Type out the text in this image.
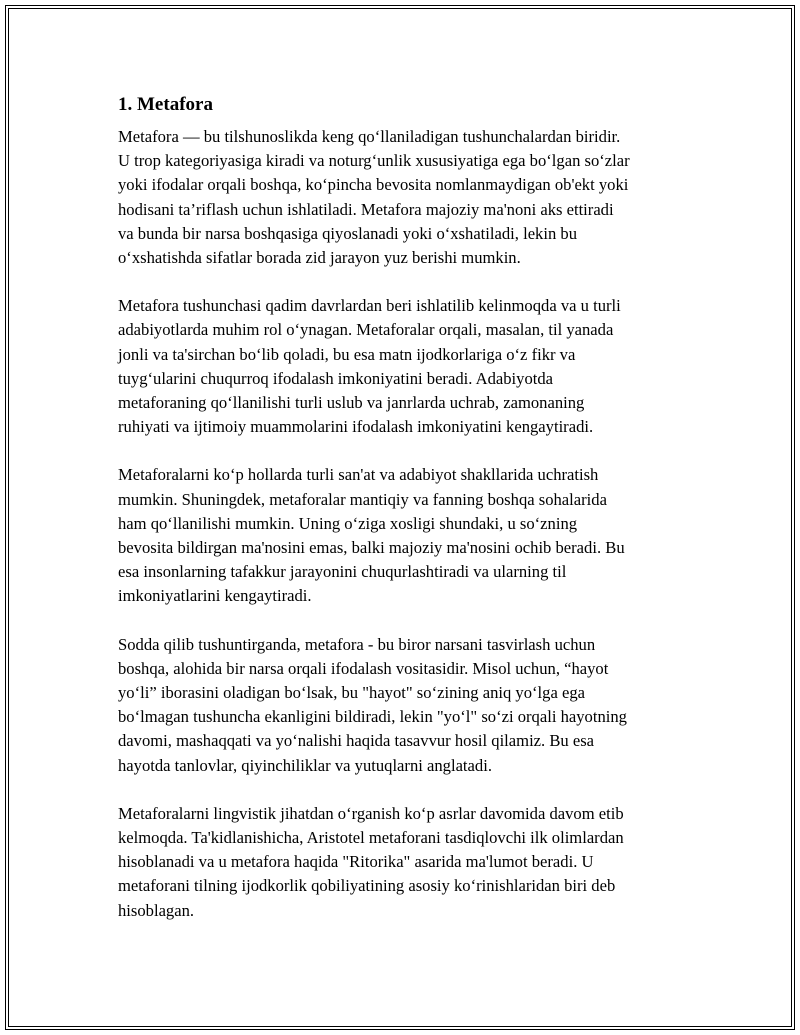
1. Metafora

Metafora — bu tilshunoslikda keng qo‘llaniladigan tushunchalardan biridir.
U trop kategoriyasiga kiradi va noturg‘unlik xususiyatiga ega bo‘lgan so‘zlar
yoki ifodalar orqali boshqa, ko‘pincha bevosita nomlanmaydigan ob'ekt yoki
hodisani ta’riflash uchun ishlatiladi. Metafora majoziy ma'noni aks ettiradi
va bunda bir narsa boshqasiga qiyoslanadi yoki o‘xshatiladi, lekin bu
o‘xshatishda sifatlar borada zid jarayon yuz berishi mumkin.

Metafora tushunchasi qadim davrlardan beri ishlatilib kelinmoqda va u turli
adabiyotlarda muhim rol o‘ynagan. Metaforalar orqali, masalan, til yanada
jonli va ta'sirchan bo‘lib qoladi, bu esa matn ijodkorlariga o‘z fikr va
tuyg‘ularini chuqurroq ifodalash imkoniyatini beradi. Adabiyotda
metaforaning qo‘llanilishi turli uslub va janrlarda uchrab, zamonaning
ruhiyati va ijtimoiy muammolarini ifodalash imkoniyatini kengaytiradi.

Metaforalarni ko‘p hollarda turli san'at va adabiyot shakllarida uchratish
mumkin. Shuningdek, metaforalar mantiqiy va fanning boshqa sohalarida
ham qo‘llanilishi mumkin. Uning o‘ziga xosligi shundaki, u so‘zning
bevosita bildirgan ma'nosini emas, balki majoziy ma'nosini ochib beradi. Bu
esa insonlarning tafakkur jarayonini chuqurlashtiradi va ularning til
imkoniyatlarini kengaytiradi.

Sodda qilib tushuntirganda, metafora - bu biror narsani tasvirlash uchun
boshqa, alohida bir narsa orqali ifodalash vositasidir. Misol uchun, “hayot
yo‘li” iborasini oladigan bo‘lsak, bu "hayot" so‘zining aniq yo‘lga ega
bo‘lmagan tushuncha ekanligini bildiradi, lekin "yo‘l" so‘zi orqali hayotning
davomi, mashaqqati va yo‘nalishi haqida tasavvur hosil qilamiz. Bu esa
hayotda tanlovlar, qiyinchiliklar va yutuqlarni anglatadi.

Metaforalarni lingvistik jihatdan o‘rganish ko‘p asrlar davomida davom etib
kelmoqda. Ta'kidlanishicha, Aristotel metaforani tasdiqlovchi ilk olimlardan
hisoblanadi va u metafora haqida "Ritorika" asarida ma'lumot beradi. U
metaforani tilning ijodkorlik qobiliyatining asosiy ko‘rinishlaridan biri deb
hisoblagan.
